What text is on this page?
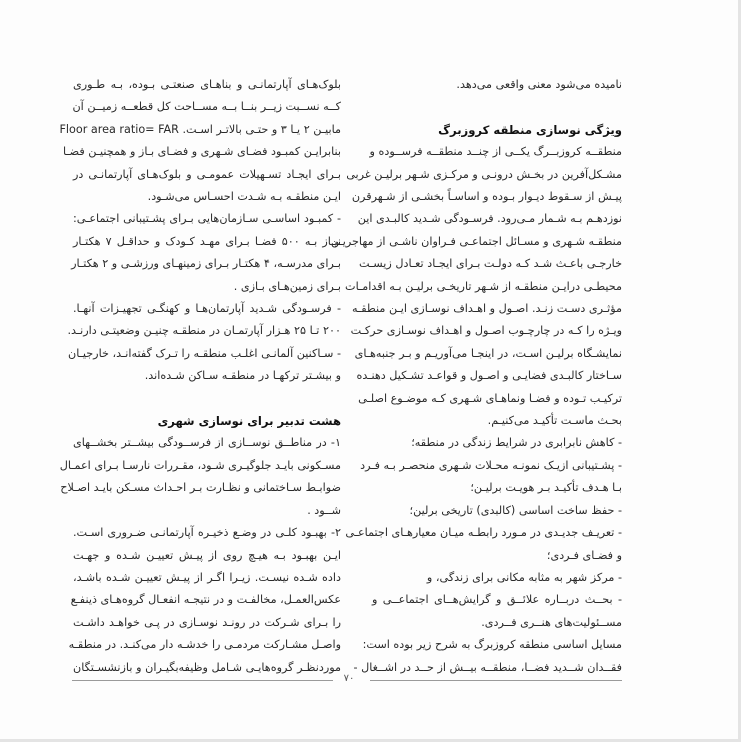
نامیده می‌شود معنی واقعی می‌دهد.
ویژگی نوسازی منطقه کروزبرگ
منطقــه کروزبــرگ یکــی از چنــد منطقــه فرســوده و
مشـکل‌آفرین در بخـش درونـی و مرکـزی شـهر برلیـن غربی
پیـش از سـقوط دیـوار بـوده و اساسـاً بخشـی از شـهرقرن
نوزدهـم بـه شـمار مـی‌رود. فرسـودگی شـدید کالبـدی این
منطقـه شـهری و مسـائل اجتماعـی فـراوان ناشـی از مهاجریـن
خارجـی باعـث شـد کـه دولـت بـرای ایجـاد تعـادل زیسـت
محیطـی درایـن منطقـه از شـهر تاریخـی برلیـن بـه اقدامـات
مؤثـری دسـت زنـد. اصـول و اهـداف نوسـازی ایـن منطقـه
ویـژه را کـه در چارچـوب اصـول و اهـداف نوسـازی حرکـت
نمایشـگاه برلیـن اسـت، در اینجـا می‌آوریـم و بـر جنبه‌هـای
سـاختار کالبـدی فضایـی و اصـول و قواعـد تشـکیل دهنـده
ترکیـب تـوده و فضـا ونماهـای شـهری کـه موضـوع اصلـی
بحـث ماسـت تأکیـد می‌کنیـم.
- کاهش نابرابری در شرایط زندگی در منطقه؛
- پشـتیبانی ازیـک نمونـه محـلات شـهری منحصـر بـه فـرد
بـا هـدف تأکیـد بـر هویـت برلیـن؛
- حفظ ساخت اساسی (کالبدی) تاریخی برلین؛
- تعریـف جدیـدی در مـورد رابطـه میـان معیارهـای اجتماعـی
و فضـای فـردی؛
- مرکز شهر به مثابه مکانی برای زندگی، و
- بحــث دربــاره علائــق و گرایش‌هــای اجتماعــی و
مســئولیت‌های هنــری فــردی.
مسایل اساسی منطقه کروزبرگ به شرح زیر بوده است:
فقــدان شــدید فضــا، منطقــه بیــش از حــد در اشــغال -
بلوک‌هـای آپارتمانـی و بناهـای صنعتـی بـوده، بـه طـوری
کــه نســبت زیــر بنــا بــه مســاحت کل قطعــه زمیــن آن
مابیـن ۲ یـا ۳ و حتـی بالاتـر اسـت. Floor area ratio= FAR
بنابرایـن کمبـود فضـای شـهری و فضـای بـاز و همچنیـن فضـا
بـرای ایجـاد تسـهیلات عمومـی و بلوک‌هـای آپارتمانـی در
ایـن منطقـه بـه شـدت احسـاس می‌شـود.
- کمبـود اساسـی سـازمان‌هایی بـرای پشـتیبانی اجتماعـی:
نیـاز بـه ۵۰۰ فضـا بـرای مهـد کـودک و حداقـل ۷ هکتـار
بـرای مدرسـه، ۴ هکتـار بـرای زمینهـای ورزشـی و ۲ هکتـار
بـرای زمین‌هـای بـازی .
- فرسـودگی شـدید آپارتمان‌هـا و کهنگـی تجهیـزات آنهـا.
۲۰۰ تـا ۲۵ هـزار آپارتمـان در منطقـه چنیـن وضعیتـی دارنـد.
- سـاکنین آلمانـی اغلـب منطقـه را تـرک گفته‌انـد، خارجیـان
و بیشـتر ترکهـا در منطقـه سـاکن شـده‌اند.
هشت تدبیر برای نوسازی شهری
۱- در مناطــق نوســازی از فرســودگی بیشــتر بخشــهای
مسـکونی بایـد جلوگیـری شـود، مقـررات نارسـا بـرای اعمـال
ضوابـط سـاختمانی و نظـارت بـر احـداث مسـکن بایـد اصـلاح
شــود .
۲- بهبـود کلـی در وضـع ذخیـره آپارتمانـی ضـروری اسـت.
ایـن بهبـود بـه هیـچ روی از پیـش تعییـن شـده و جهـت
داده شـده نیسـت. زیـرا اگـر از پیـش تعییـن شـده باشـد،
عکس‌العمـل، مخالفـت و در نتیجـه انفعـال گروه‌هـای ذینفـع
را بـرای شـرکت در رونـد نوسـازی در پـی خواهـد داشـت
واصـل مشـارکت مردمـی را خدشـه دار می‌کنـد. در منطقـه
موردنظـر گروه‌هایـی شـامل وظیفه‌بگیـران و بازنشسـتگان
۷۰
